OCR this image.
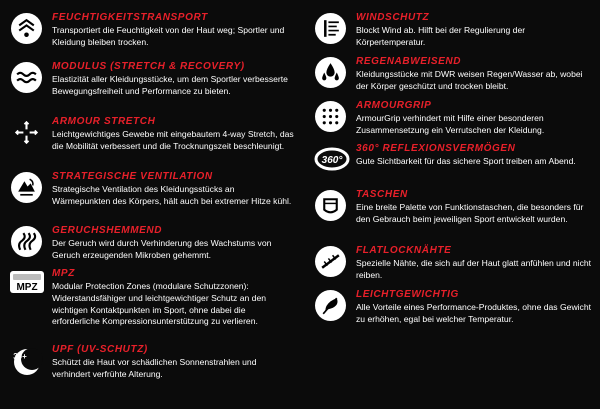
FEUCHTIGKEITSTRANSPORT
Transportiert die Feuchtigkeit von der Haut weg; Sportler und Kleidung bleiben trocken.
MODULUS (STRETCH & RECOVERY)
Elastizität aller Kleidungsstücke, um dem Sportler verbesserte Bewegungsfreiheit und Performance zu bieten.
ARMOUR STRETCH
Leichtgewichtiges Gewebe mit eingebautem 4-way Stretch, das die Mobilität verbessert und die Trocknungszeit beschleunigt.
STRATEGISCHE VENTILATION
Strategische Ventilation des Kleidungsstücks an Wärmepunkten des Körpers, hält auch bei extremer Hitze kühl.
GERUCHSHEMMEND
Der Geruch wird durch Verhinderung des Wachstums von Geruch erzeugenden Mikroben gehemmt.
MPZ
MPZ
Modular Protection Zones (modulare Schutzzonen): Widerstandsfähiger und leichtgewichtiger Schutz an den wichtigen Kontaktpunkten im Sport, ohne dabei die erforderliche Kompressionsunterstützung zu verlieren.
30+
UPF (UV-SCHUTZ)
Schützt die Haut vor schädlichen Sonnenstrahlen und verhindert verfrühte Alterung.
WINDSCHUTZ
Blockt Wind ab. Hilft bei der Regulierung der Körpertemperatur.
REGENABWEISEND
Kleidungsstücke mit DWR weisen Regen/Wasser ab, wobei der Körper geschützt und trocken bleibt.
ARMOURGRIP
ArmourGrip verhindert mit Hilfe einer besonderen Zusammensetzung ein Verrutschen der Kleidung.
360°
360° REFLEXIONSVERMÖGEN
Gute Sichtbarkeit für das sichere Sport treiben am Abend.
TASCHEN
Eine breite Palette von Funktionstaschen, die besonders für den Gebrauch beim jeweiligen Sport entwickelt wurden.
FLATLOCKNÄHTE
Spezielle Nähte, die sich auf der Haut glatt anfühlen und nicht reiben.
LEICHTGEWICHTIG
Alle Vorteile eines Performance-Produktes, ohne das Gewicht zu erhöhen, egal bei welcher Temperatur.
